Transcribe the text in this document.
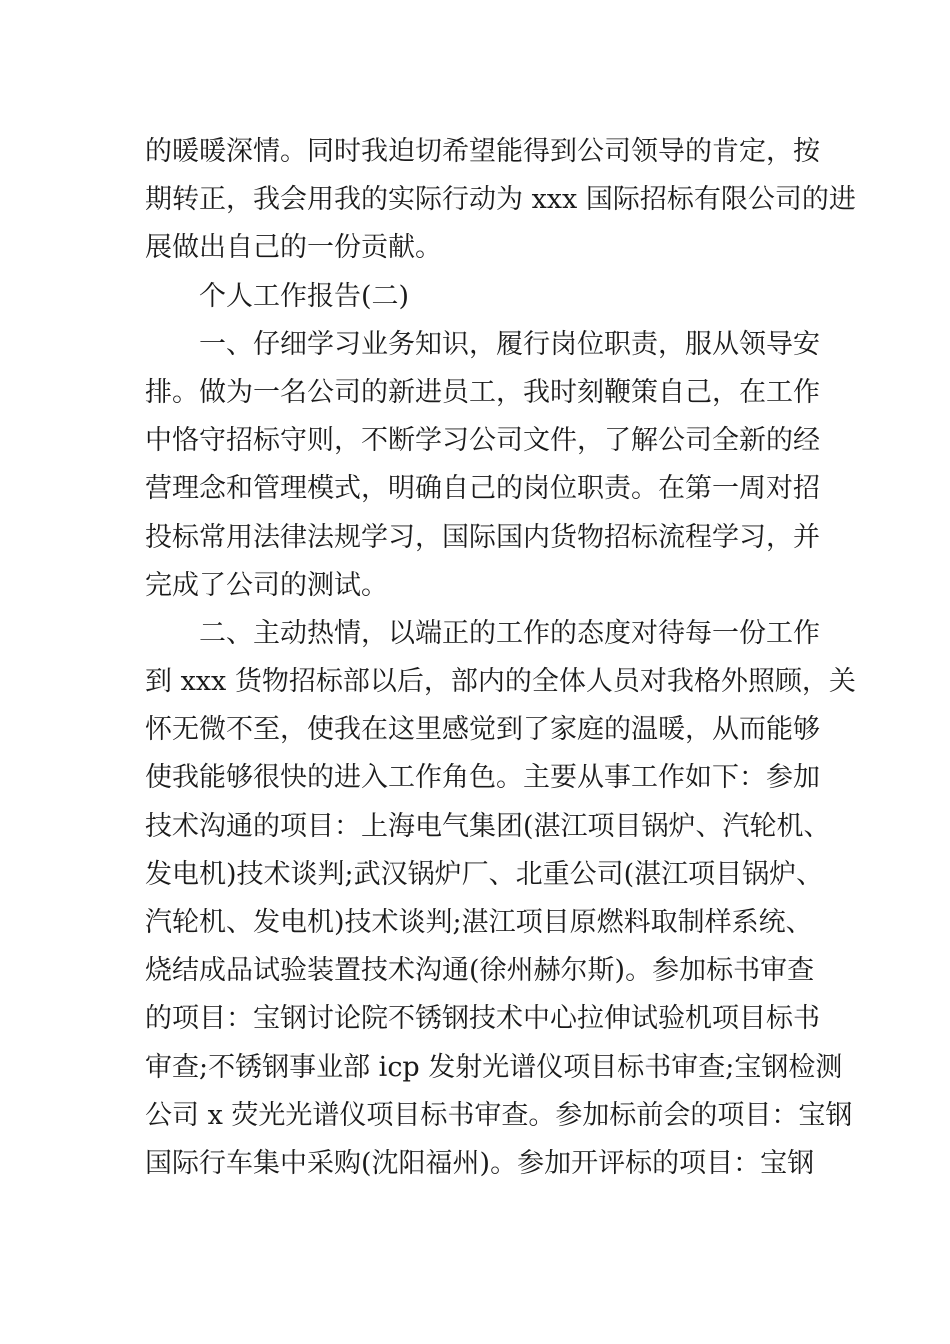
的暖暖深情。同时我迫切希望能得到公司领导的肯定，按
期转正，我会用我的实际行动为 xxx 国际招标有限公司的进
展做出自己的一份贡献。
个人工作报告(二)
一、仔细学习业务知识，履行岗位职责，服从领导安
排。做为一名公司的新进员工，我时刻鞭策自己，在工作
中恪守招标守则，不断学习公司文件，了解公司全新的经
营理念和管理模式，明确自己的岗位职责。在第一周对招
投标常用法律法规学习，国际国内货物招标流程学习，并
完成了公司的测试。
二、主动热情，以端正的工作的态度对待每一份工作
到 xxx 货物招标部以后，部内的全体人员对我格外照顾，关
怀无微不至，使我在这里感觉到了家庭的温暖，从而能够
使我能够很快的进入工作角色。主要从事工作如下：参加
技术沟通的项目：上海电气集团(湛江项目锅炉、汽轮机、
发电机)技术谈判;武汉锅炉厂、北重公司(湛江项目锅炉、
汽轮机、发电机)技术谈判;湛江项目原燃料取制样系统、
烧结成品试验装置技术沟通(徐州赫尔斯)。参加标书审查
的项目：宝钢讨论院不锈钢技术中心拉伸试验机项目标书
审查;不锈钢事业部 icp 发射光谱仪项目标书审查;宝钢检测
公司 x 荧光光谱仪项目标书审查。参加标前会的项目：宝钢
国际行车集中采购(沈阳福州)。参加开评标的项目：宝钢
